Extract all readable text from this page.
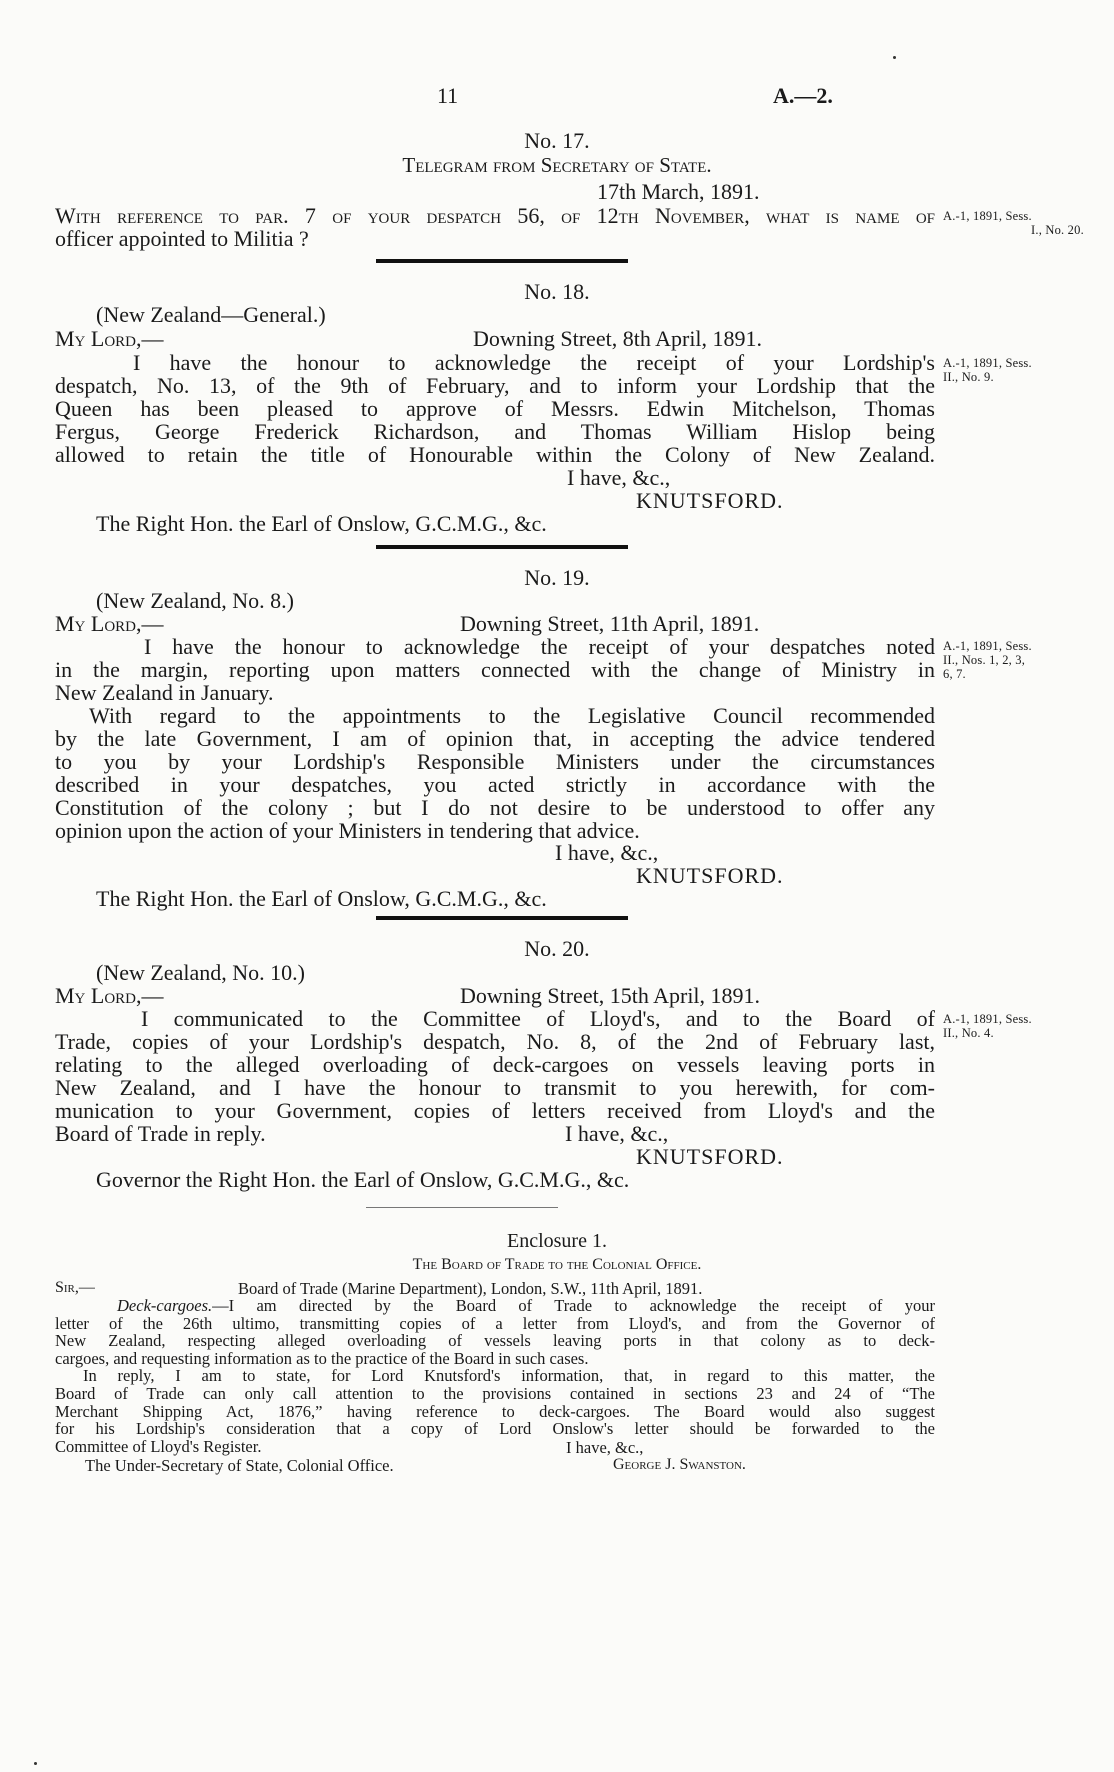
11	A.—2.
No. 17.
Telegram from Secretary of State.
17th March, 1891.
With reference to par. 7 of your despatch 56, of 12th November, what is name of
officer appointed to Militia ?
A.-1, 1891, Sess.
I., No. 20.
No. 18.
(New Zealand—General.)
My Lord,—	Downing Street, 8th April, 1891.
I have the honour to acknowledge the receipt of your Lordship's
despatch, No. 13, of the 9th of February, and to inform your Lordship that the
Queen has been pleased to approve of Messrs. Edwin Mitchelson, Thomas
Fergus, George Frederick Richardson, and Thomas William Hislop being
allowed to retain the title of Honourable within the Colony of New Zealand.
A.-1, 1891, Sess.
II., No. 9.
I have, &c.,
KNUTSFORD.
The Right Hon. the Earl of Onslow, G.C.M.G., &c.
No. 19.
(New Zealand, No. 8.)
My Lord,—	Downing Street, 11th April, 1891.
I have the honour to acknowledge the receipt of your despatches noted
in the margin, reporting upon matters connected with the change of Ministry in
New Zealand in January.
With regard to the appointments to the Legislative Council recommended
by the late Government, I am of opinion that, in accepting the advice tendered
to you by your Lordship's Responsible Ministers under the circumstances
described in your despatches, you acted strictly in accordance with the
Constitution of the colony ; but I do not desire to be understood to offer any
opinion upon the action of your Ministers in tendering that advice.
A.-1, 1891, Sess.
II., Nos. 1, 2, 3,
6, 7.
I have, &c.,
KNUTSFORD.
The Right Hon. the Earl of Onslow, G.C.M.G., &c.
No. 20.
(New Zealand, No. 10.)
My Lord,—	Downing Street, 15th April, 1891.
I communicated to the Committee of Lloyd's, and to the Board of
Trade, copies of your Lordship's despatch, No. 8, of the 2nd of February last,
relating to the alleged overloading of deck-cargoes on vessels leaving ports in
New Zealand, and I have the honour to transmit to you herewith, for com-
munication to your Government, copies of letters received from Lloyd's and the
Board of Trade in reply.
A.-1, 1891, Sess.
II., No. 4.
I have, &c.,
KNUTSFORD.
Governor the Right Hon. the Earl of Onslow, G.C.M.G., &c.
Enclosure 1.
The Board of Trade to the Colonial Office.
Sir,—	Board of Trade (Marine Department), London, S.W., 11th April, 1891.
Deck-cargoes.—I am directed by the Board of Trade to acknowledge the receipt of your
letter of the 26th ultimo, transmitting copies of a letter from Lloyd's, and from the Governor of
New Zealand, respecting alleged overloading of vessels leaving ports in that colony as to deck-
cargoes, and requesting information as to the practice of the Board in such cases.
In reply, I am to state, for Lord Knutsford's information, that, in regard to this matter, the
Board of Trade can only call attention to the provisions contained in sections 23 and 24 of “The
Merchant Shipping Act, 1876,” having reference to deck-cargoes. The Board would also suggest
for his Lordship's consideration that a copy of Lord Onslow's letter should be forwarded to the
Committee of Lloyd's Register.	I have, &c.,
The Under-Secretary of State, Colonial Office.	George J. Swanston.
